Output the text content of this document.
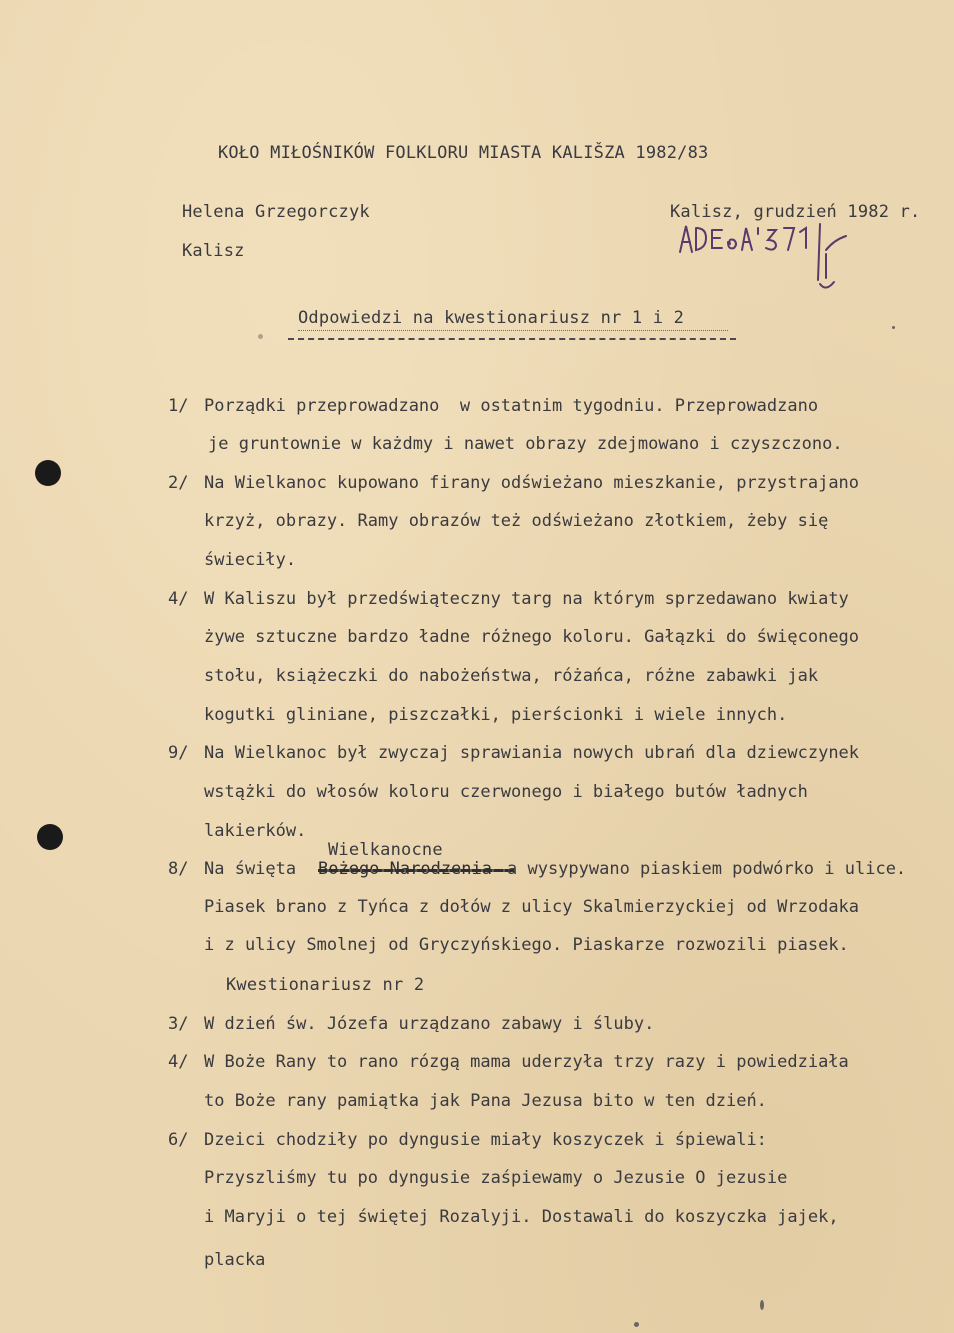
KOŁO MIŁOŚNIKÓW FOLKLORU MIASTA KALIŠZA 1982/83
Helena Grzegorczyk
Kalisz
Kalisz, grudzień 1982 r.
Odpowiedzi na kwestionariusz nr 1 i 2
1/ Porządki przeprowadzano  w ostatnim tygodniu. Przeprowadzano
je gruntownie w każdmy i nawet obrazy zdejmowano i czyszczono.
2/ Na Wielkanoc kupowano firany odświeżano mieszkanie, przystrajano
krzyż, obrazy. Ramy obrazów też odświeżano złotkiem, żeby się
świeciły.
4/ W Kaliszu był przedświąteczny targ na którym sprzedawano kwiaty
żywe sztuczne bardzo ładne różnego koloru. Gałązki do święconego
stołu, książeczki do nabożeństwa, różańca, różne zabawki jak
kogutki gliniane, piszczałki, pierścionki i wiele innych.
9/ Na Wielkanoc był zwyczaj sprawiania nowych ubrań dla dziewczynek
wstążki do włosów koloru czerwonego i białego butów ładnych
lakierków.
Wielkanocne
8/ Na święta	a wysypywano piaskiem podwórko i ulice.
Piasek brano z Tyńca z dołów z ulicy Skalmierzyckiej od Wrzodaka
i z ulicy Smolnej od Gryczyńskiego. Piaskarze rozwozili piasek.
Kwestionariusz nr 2
3/ W dzień św. Józefa urządzano zabawy i śluby.
4/ W Boże Rany to rano rózgą mama uderzyła trzy razy i powiedziała
to Boże rany pamiątka jak Pana Jezusa bito w ten dzień.
6/ Dzeici chodziły po dyngusie miały koszyczek i śpiewali:
Przyszliśmy tu po dyngusie zaśpiewamy o Jezusie O jezusie
i Maryji o tej świętej Rozalyji. Dostawali do koszyczka jajek,
placka
